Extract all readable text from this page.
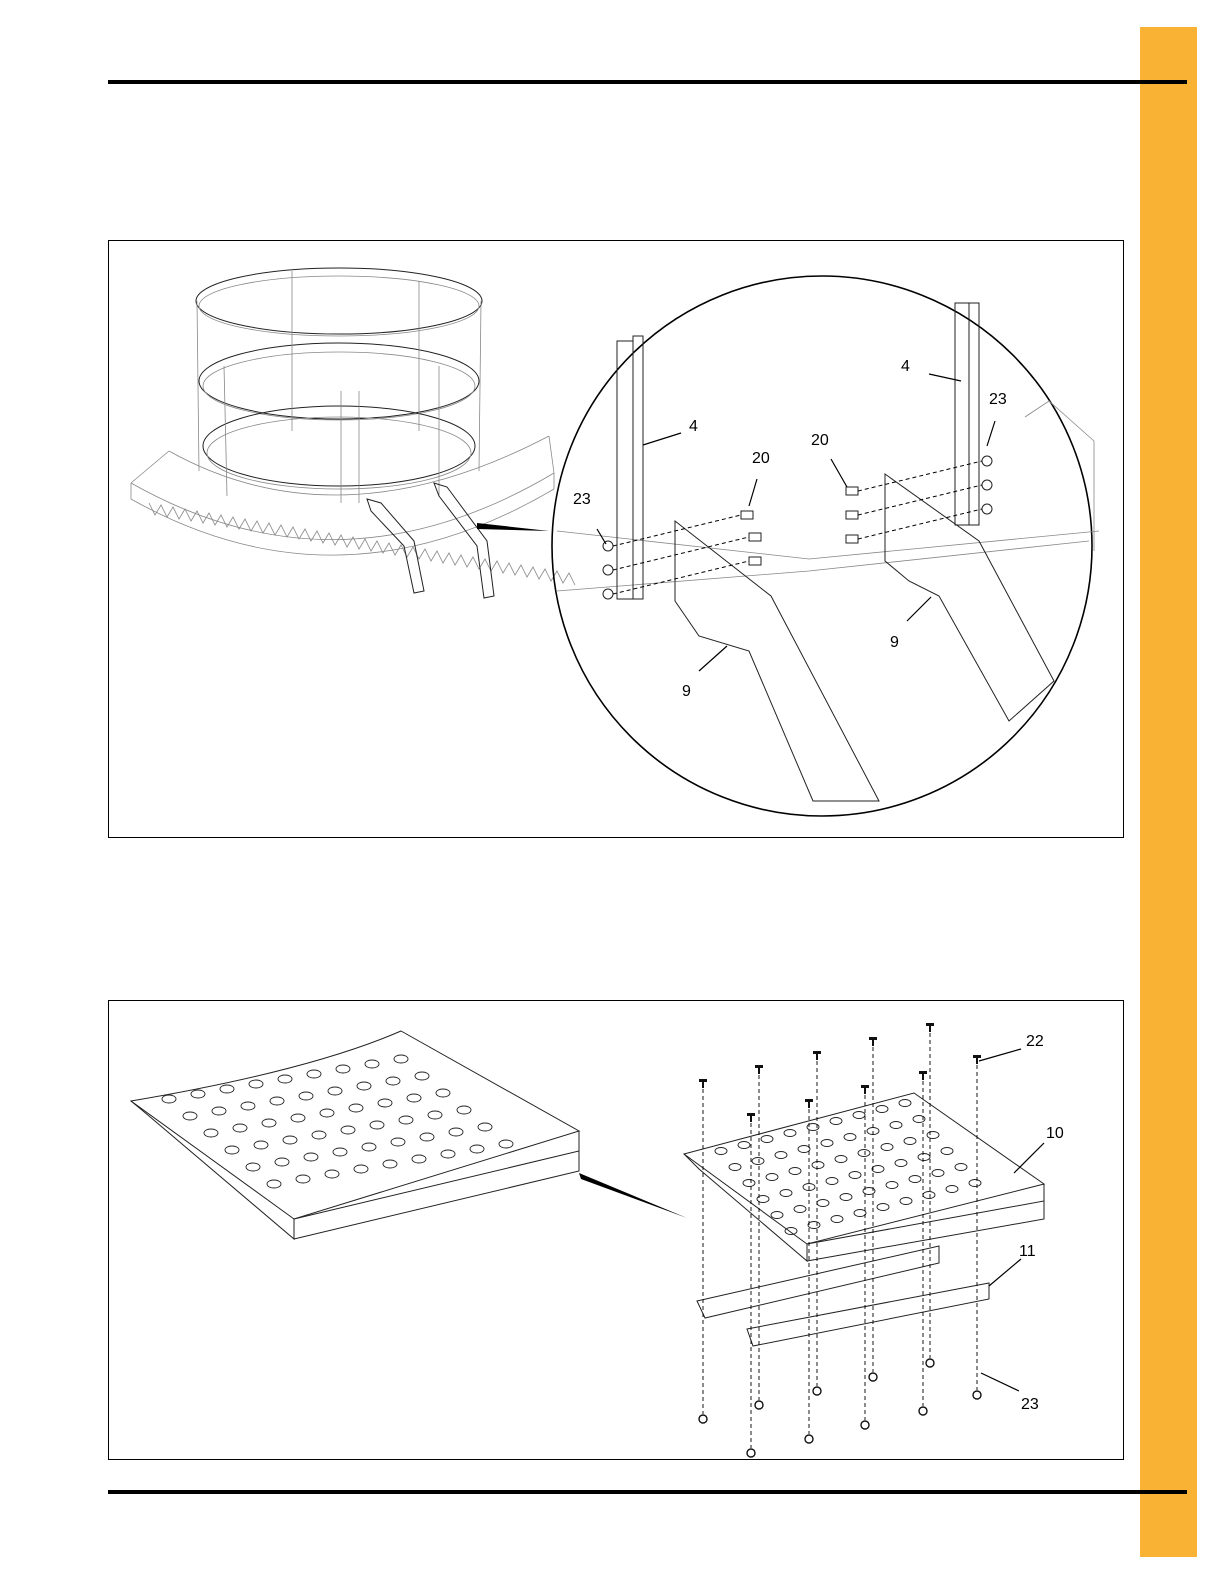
4
4
23
23
20
20
9
9
22
10
11
23
